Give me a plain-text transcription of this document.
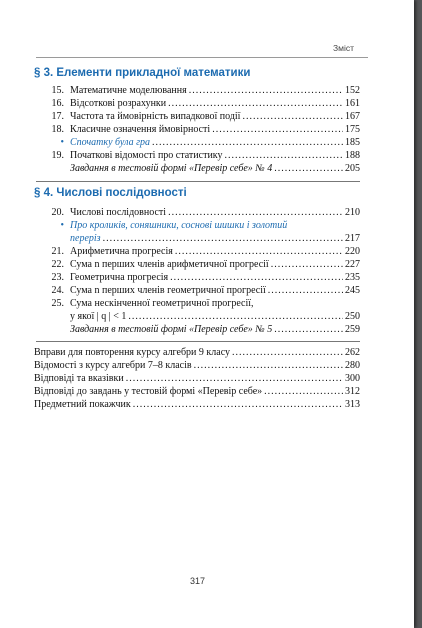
Зміст
§ 3. Елементи прикладної математики
15. Математичне моделювання .....	152
16. Відсоткові розрахунки .....	161
17. Частота та ймовірність випадкової події .....	167
18. Класичне означення ймовірності .....	175
• Спочатку була гра .....	185
19. Початкові відомості про статистику .....	188
Завдання в тестовій формі «Перевір себе» № 4 .....	205
§ 4. Числові послідовності
20. Числові послідовності .....	210
• Про кроликів, соняшники, соснові шишки і золотий
переріз .....	217
21. Арифметична прогресія .....	220
22. Сума n перших членів арифметичної прогресії .....	227
23. Геометрична прогресія .....	235
24. Сума n перших членів геометричної прогресії .....	245
25. Сума нескінченної геометричної прогресії,
у якої | q | < 1 .....	250
Завдання в тестовій формі «Перевір себе» № 5 .....	259
Вправи для повторення курсу алгебри 9 класу .....	262
Відомості з курсу алгебри 7–8 класів .....	280
Відповіді та вказівки .....	300
Відповіді до завдань у тестовій формі «Перевір себе» .....	312
Предметний покажчик .....	313
317
